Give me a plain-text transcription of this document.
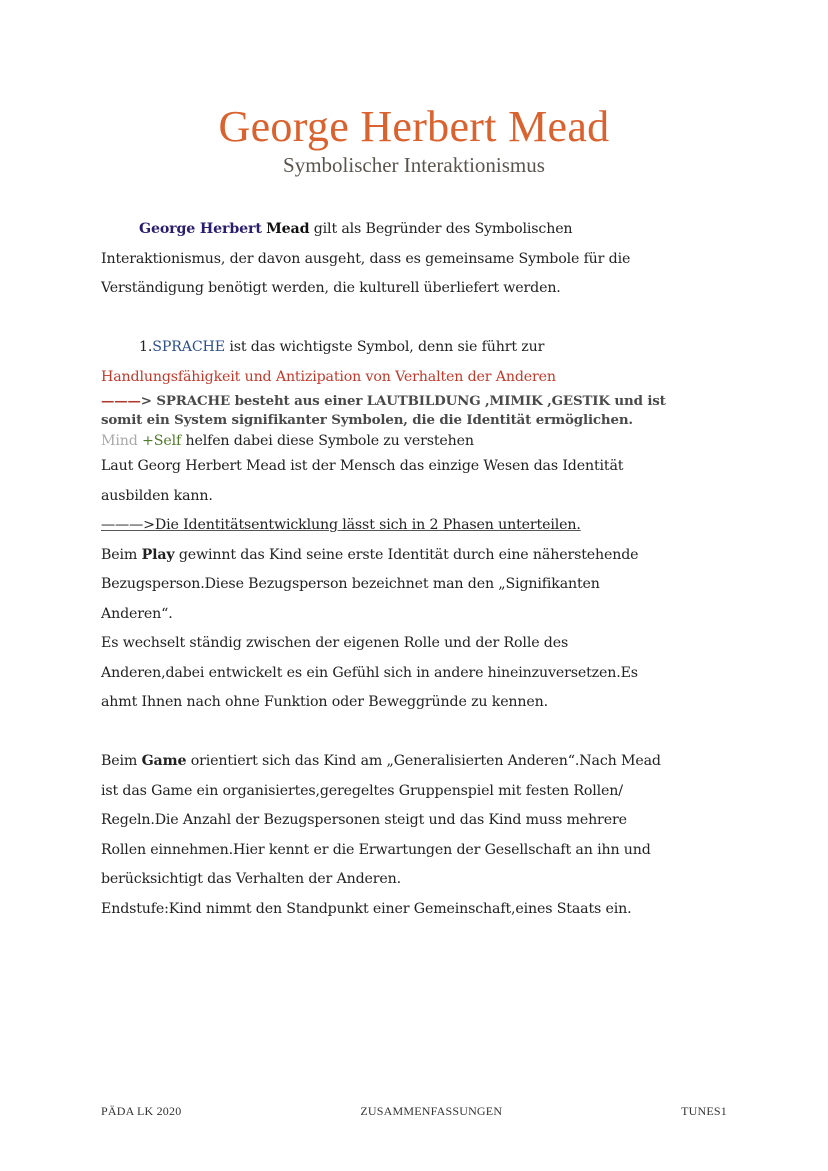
George Herbert Mead
Symbolischer Interaktionismus
George Herbert Mead gilt als Begründer des Symbolischen
Interaktionismus, der davon ausgeht, dass es gemeinsame Symbole für die
Verständigung benötigt werden, die kulturell überliefert werden.
1.SPRACHE ist das wichtigste Symbol, denn sie führt zur
Handlungsfähigkeit und Antizipation von Verhalten der Anderen
———> SPRACHE besteht aus einer LAUTBILDUNG ,MIMIK ,GESTIK und ist
somit ein System signifikanter Symbolen, die die Identität ermöglichen.
Mind +Self helfen dabei diese Symbole zu verstehen
Laut Georg Herbert Mead ist der Mensch das einzige Wesen das Identität
ausbilden kann.
———>Die Identitätsentwicklung lässt sich in 2 Phasen unterteilen.
Beim Play gewinnt das Kind seine erste Identität durch eine näherstehende
Bezugsperson.Diese Bezugsperson bezeichnet man den „Signifikanten
Anderen“.
Es wechselt ständig zwischen der eigenen Rolle und der Rolle des
Anderen,dabei entwickelt es ein Gefühl sich in andere hineinzuversetzen.Es
ahmt Ihnen nach ohne Funktion oder Beweggründe zu kennen.
Beim Game orientiert sich das Kind am „Generalisierten Anderen“.Nach Mead
ist das Game ein organisiertes,geregeltes Gruppenspiel mit festen Rollen/
Regeln.Die Anzahl der Bezugspersonen steigt und das Kind muss mehrere
Rollen einnehmen.Hier kennt er die Erwartungen der Gesellschaft an ihn und
berücksichtigt das Verhalten der Anderen.
Endstufe:Kind nimmt den Standpunkt einer Gemeinschaft,eines Staats ein.
PÄDA LK 2020	ZUSAMMENFASSUNGEN	TUNES1
